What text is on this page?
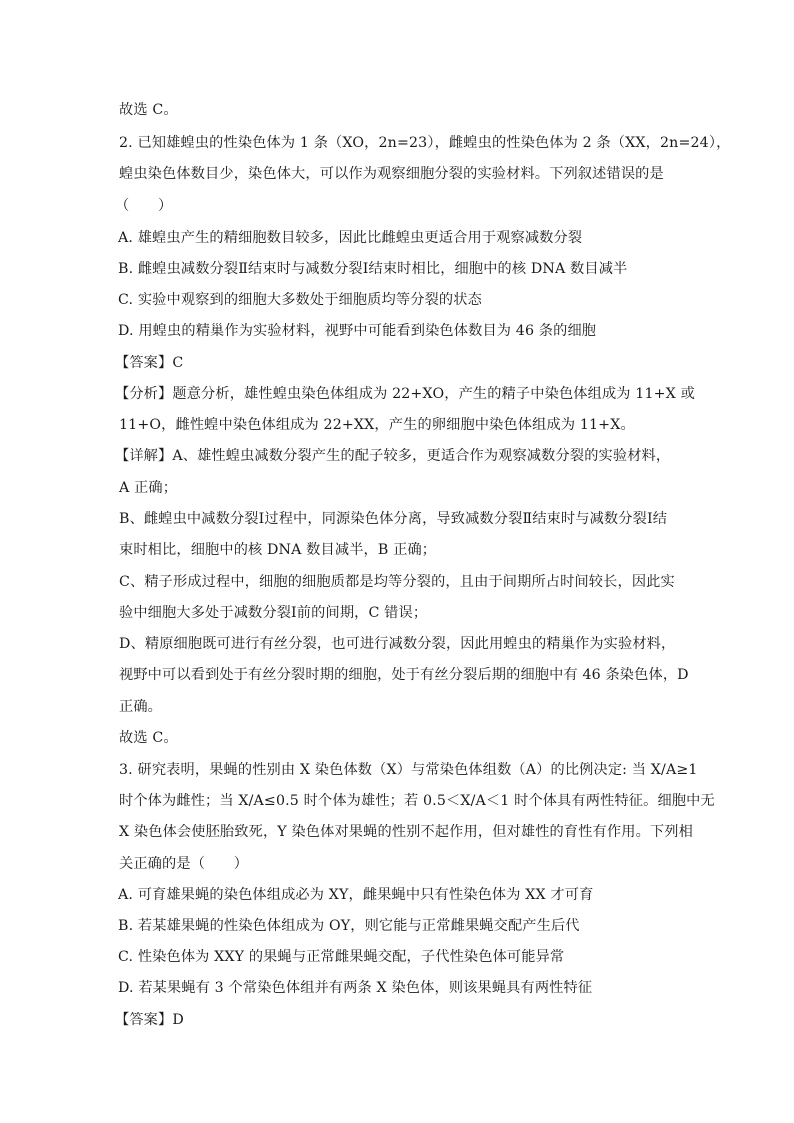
故选 C。
2. 已知雄蝗虫的性染色体为 1 条（XO，2n=23），雌蝗虫的性染色体为 2 条（XX，2n=24），
蝗虫染色体数目少，染色体大，可以作为观察细胞分裂的实验材料。下列叙述错误的是
（　　）
A. 雄蝗虫产生的精细胞数目较多，因此比雌蝗虫更适合用于观察减数分裂
B. 雌蝗虫减数分裂Ⅱ结束时与减数分裂Ⅰ结束时相比，细胞中的核 DNA 数目减半
C. 实验中观察到的细胞大多数处于细胞质均等分裂的状态
D. 用蝗虫的精巢作为实验材料，视野中可能看到染色体数目为 46 条的细胞
【答案】C
【分析】题意分析，雄性蝗虫染色体组成为 22+XO，产生的精子中染色体组成为 11+X 或
11+O，雌性蝗中染色体组成为 22+XX，产生的卵细胞中染色体组成为 11+X。
【详解】A、雄性蝗虫减数分裂产生的配子较多，更适合作为观察减数分裂的实验材料，
A 正确；
B、雌蝗虫中减数分裂Ⅰ过程中，同源染色体分离，导致减数分裂Ⅱ结束时与减数分裂Ⅰ结
束时相比，细胞中的核 DNA 数目减半，B 正确；
C、精子形成过程中，细胞的细胞质都是均等分裂的，且由于间期所占时间较长，因此实
验中细胞大多处于减数分裂Ⅰ前的间期，C 错误；
D、精原细胞既可进行有丝分裂，也可进行减数分裂，因此用蝗虫的精巢作为实验材料，
视野中可以看到处于有丝分裂时期的细胞，处于有丝分裂后期的细胞中有 46 条染色体，D
正确。
故选 C。
3. 研究表明，果蝇的性别由 X 染色体数（X）与常染色体组数（A）的比例决定: 当 X/A≥1
时个体为雌性；当 X/A≤0.5 时个体为雄性；若 0.5＜X/A＜1 时个体具有两性特征。细胞中无
X 染色体会使胚胎致死，Y 染色体对果蝇的性别不起作用，但对雄性的育性有作用。下列相
关正确的是（　　）
A. 可育雄果蝇的染色体组成必为 XY，雌果蝇中只有性染色体为 XX 才可育
B. 若某雄果蝇的性染色体组成为 OY，则它能与正常雌果蝇交配产生后代
C. 性染色体为 XXY 的果蝇与正常雌果蝇交配，子代性染色体可能异常
D. 若某果蝇有 3 个常染色体组并有两条 X 染色体，则该果蝇具有两性特征
【答案】D
